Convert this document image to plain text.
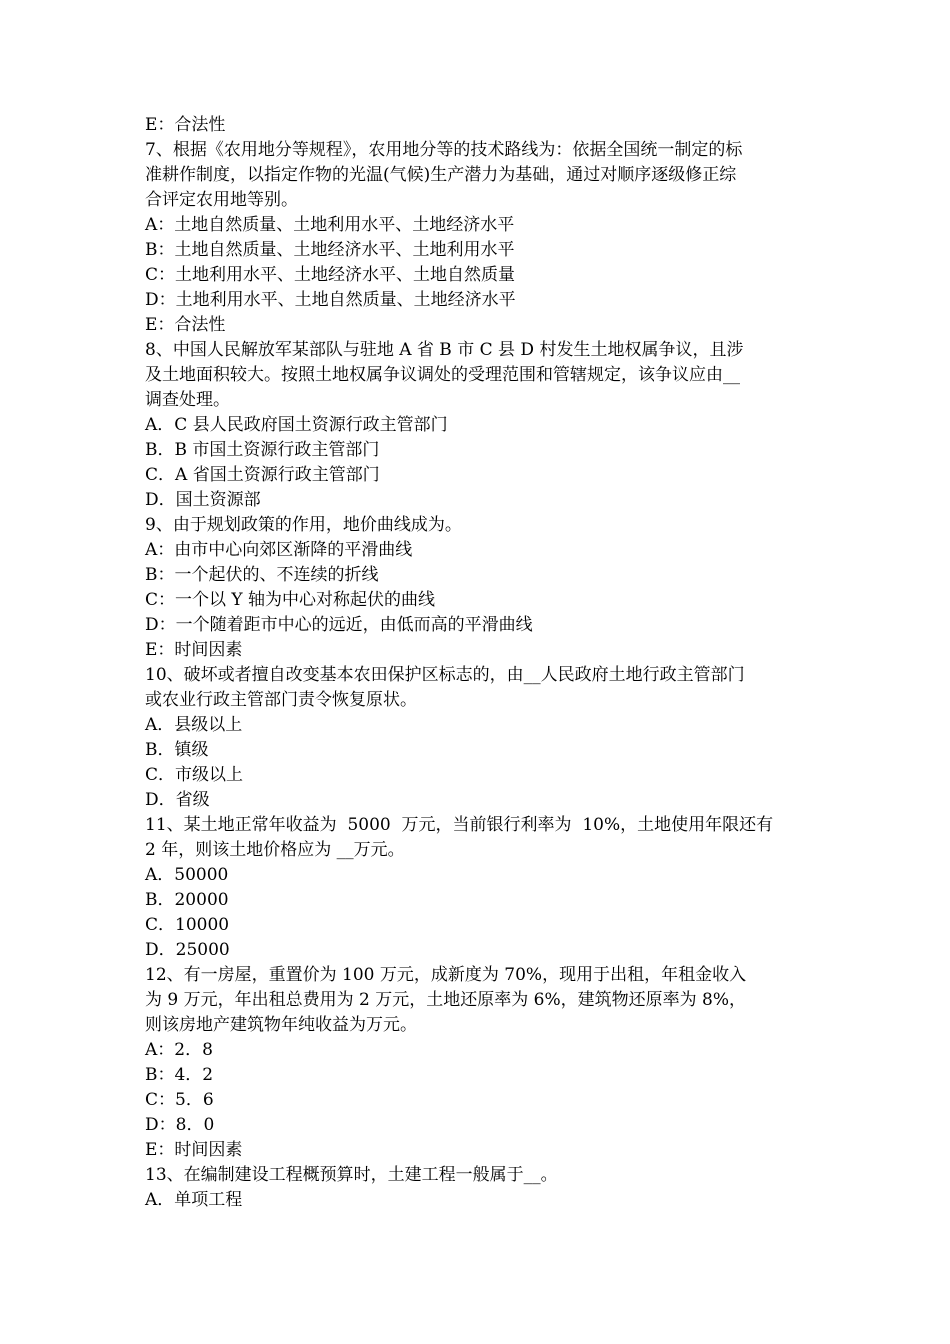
E：合法性
7、根据《农用地分等规程》，农用地分等的技术路线为：依据全国统一制定的标
准耕作制度，以指定作物的光温(气候)生产潜力为基础，通过对顺序逐级修正综
合评定农用地等别。
A：土地自然质量、土地利用水平、土地经济水平
B：土地自然质量、土地经济水平、土地利用水平
C：土地利用水平、土地经济水平、土地自然质量
D：土地利用水平、土地自然质量、土地经济水平
E：合法性
8、中国人民解放军某部队与驻地 A 省 B 市 C 县 D 村发生土地权属争议，且涉
及土地面积较大。按照土地权属争议调处的受理范围和管辖规定，该争议应由__
调查处理。
A．C 县人民政府国土资源行政主管部门
B．B 市国土资源行政主管部门
C．A 省国土资源行政主管部门
D．国土资源部
9、由于规划政策的作用，地价曲线成为。
A：由市中心向郊区渐降的平滑曲线
B：一个起伏的、不连续的折线
C：一个以 Y 轴为中心对称起伏的曲线
D：一个随着距市中心的远近，由低而高的平滑曲线
E：时间因素
10、破坏或者擅自改变基本农田保护区标志的，由__人民政府土地行政主管部门
或农业行政主管部门责令恢复原状。
A．县级以上
B．镇级
C．市级以上
D．省级
11、某土地正常年收益为  5000  万元，当前银行利率为  10%，土地使用年限还有
2 年，则该土地价格应为 __万元。
A．50000
B．20000
C．10000
D．25000
12、有一房屋，重置价为 100 万元，成新度为 70%，现用于出租，年租金收入
为 9 万元，年出租总费用为 2 万元，土地还原率为 6%，建筑物还原率为 8%，
则该房地产建筑物年纯收益为万元。
A：2．8
B：4．2
C：5．6
D：8．0
E：时间因素
13、在编制建设工程概预算时，土建工程一般属于__。
A．单项工程
